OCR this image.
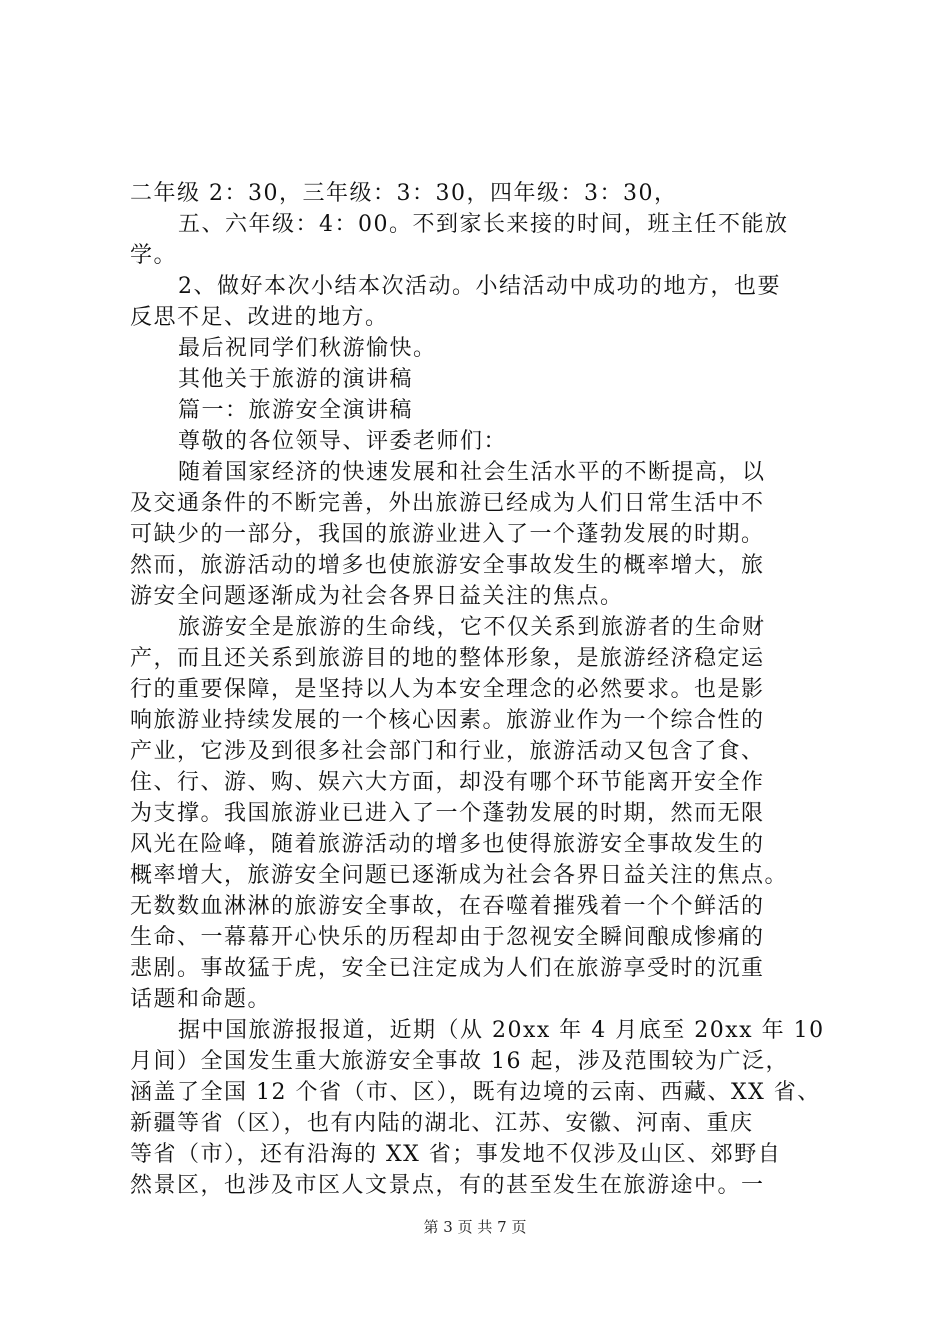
二年级 2：30，三年级：3：30，四年级：3：30，
五、六年级：4：00。不到家长来接的时间，班主任不能放
学。
2、做好本次小结本次活动。小结活动中成功的地方，也要
反思不足、改进的地方。
最后祝同学们秋游愉快。
其他关于旅游的演讲稿
篇一：旅游安全演讲稿
尊敬的各位领导、评委老师们：
随着国家经济的快速发展和社会生活水平的不断提高，以
及交通条件的不断完善，外出旅游已经成为人们日常生活中不
可缺少的一部分，我国的旅游业进入了一个蓬勃发展的时期。
然而，旅游活动的增多也使旅游安全事故发生的概率增大，旅
游安全问题逐渐成为社会各界日益关注的焦点。
旅游安全是旅游的生命线，它不仅关系到旅游者的生命财
产，而且还关系到旅游目的地的整体形象，是旅游经济稳定运
行的重要保障，是坚持以人为本安全理念的必然要求。也是影
响旅游业持续发展的一个核心因素。旅游业作为一个综合性的
产业，它涉及到很多社会部门和行业，旅游活动又包含了食、
住、行、游、购、娱六大方面，却没有哪个环节能离开安全作
为支撑。我国旅游业已进入了一个蓬勃发展的时期，然而无限
风光在险峰，随着旅游活动的增多也使得旅游安全事故发生的
概率增大，旅游安全问题已逐渐成为社会各界日益关注的焦点。
无数数血淋淋的旅游安全事故，在吞噬着摧残着一个个鲜活的
生命、一幕幕开心快乐的历程却由于忽视安全瞬间酿成惨痛的
悲剧。事故猛于虎，安全已注定成为人们在旅游享受时的沉重
话题和命题。
据中国旅游报报道，近期（从 20xx 年 4 月底至 20xx 年 10
月间）全国发生重大旅游安全事故 16 起，涉及范围较为广泛，
涵盖了全国 12 个省（市、区），既有边境的云南、西藏、XX 省、
新疆等省（区），也有内陆的湖北、江苏、安徽、河南、重庆
等省（市），还有沿海的 XX 省；事发地不仅涉及山区、郊野自
然景区，也涉及市区人文景点，有的甚至发生在旅游途中。一
第 3 页 共 7 页
